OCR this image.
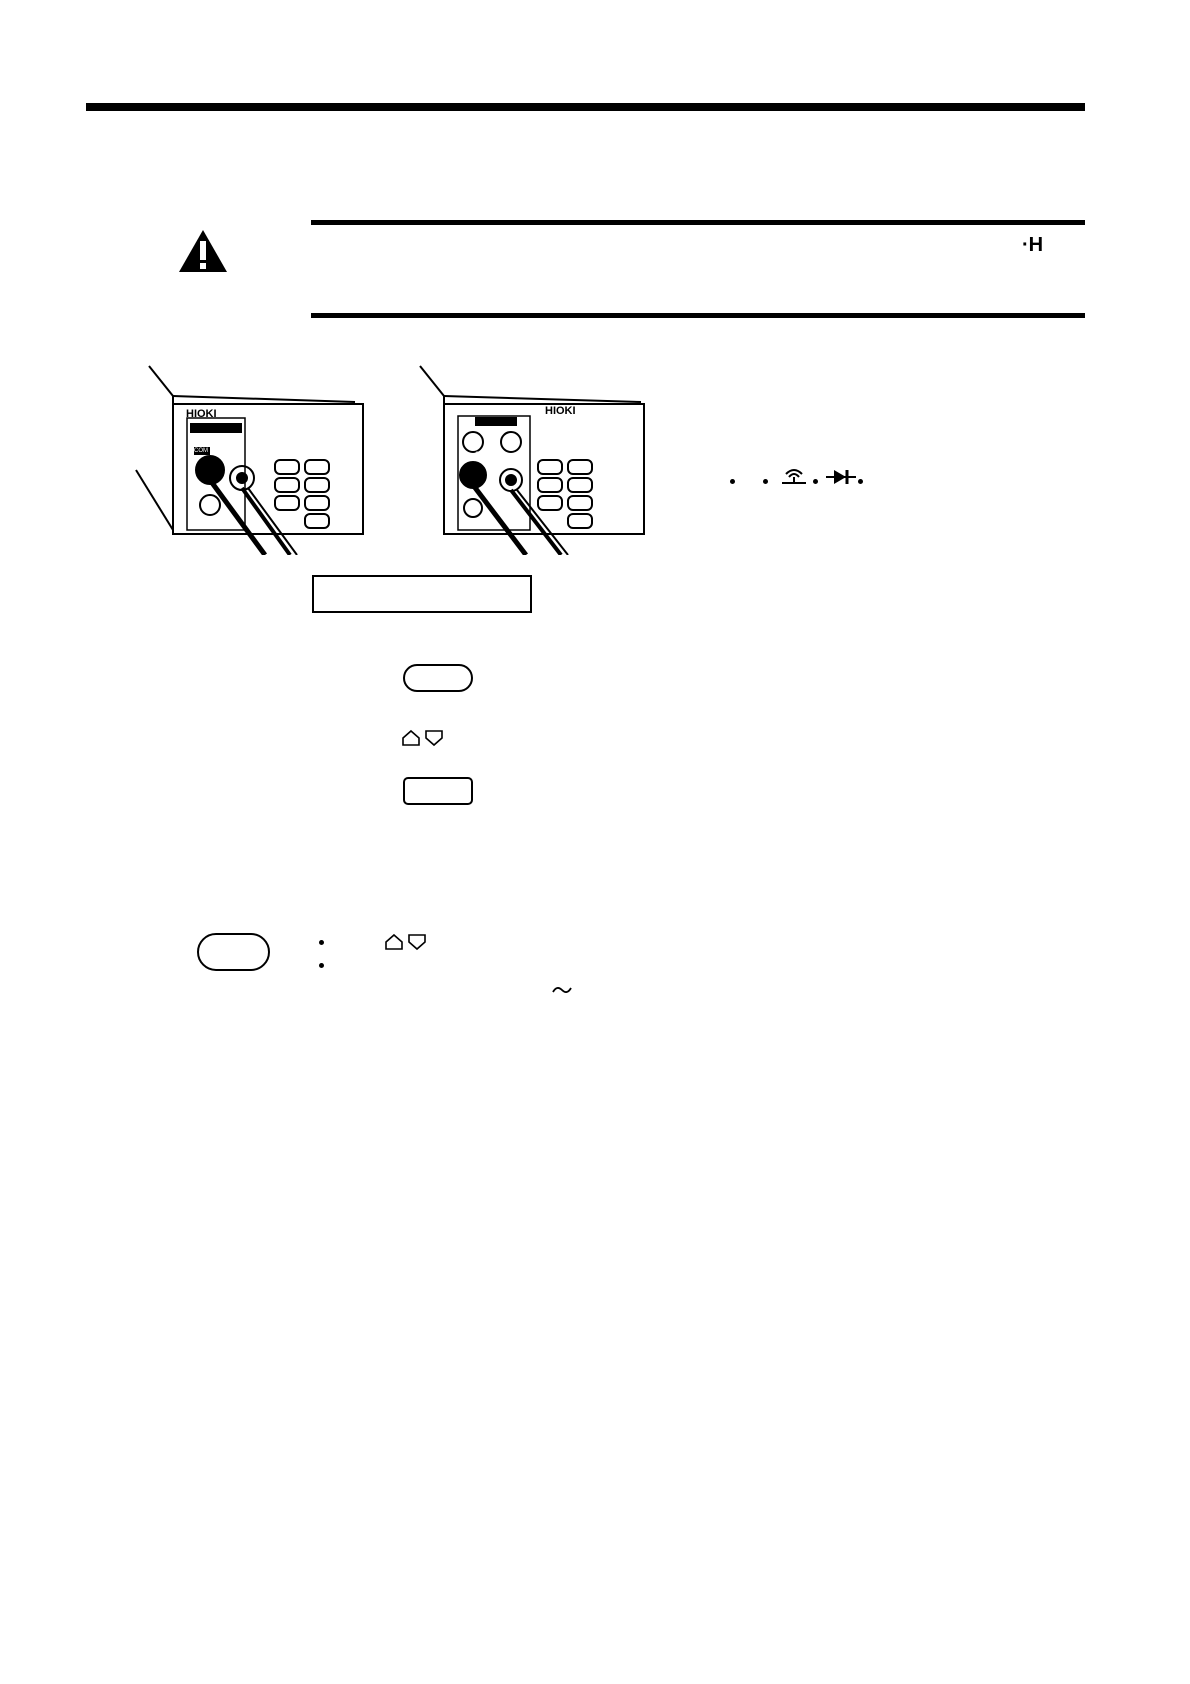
·H
HIOKI
COM
HIOKI
COM
